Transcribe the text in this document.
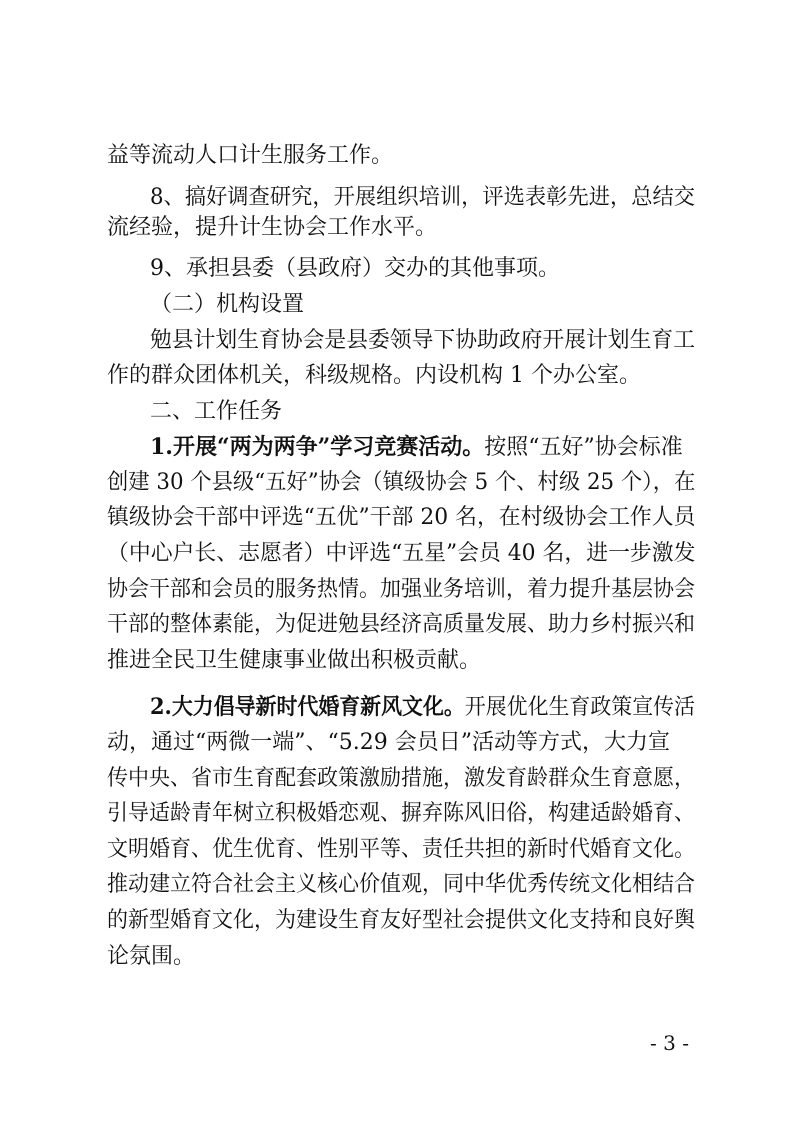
益等流动人口计生服务工作。
8、搞好调查研究，开展组织培训，评选表彰先进，总结交
流经验，提升计生协会工作水平。
9、承担县委（县政府）交办的其他事项。
（二）机构设置
勉县计划生育协会是县委领导下协助政府开展计划生育工
作的群众团体机关，科级规格。内设机构 1 个办公室。
二、工作任务
1.开展“两为两争”学习竞赛活动。按照“五好”协会标准
创建 30 个县级“五好”协会（镇级协会 5 个、村级 25 个），在
镇级协会干部中评选“五优”干部 20 名，在村级协会工作人员
（中心户长、志愿者）中评选“五星”会员 40 名，进一步激发
协会干部和会员的服务热情。加强业务培训，着力提升基层协会
干部的整体素能，为促进勉县经济高质量发展、助力乡村振兴和
推进全民卫生健康事业做出积极贡献。
2.大力倡导新时代婚育新风文化。开展优化生育政策宣传活
动，通过“两微一端”、“5.29 会员日”活动等方式，大力宣
传中央、省市生育配套政策激励措施，激发育龄群众生育意愿，
引导适龄青年树立积极婚恋观、摒弃陈风旧俗，构建适龄婚育、
文明婚育、优生优育、性别平等、责任共担的新时代婚育文化。
推动建立符合社会主义核心价值观，同中华优秀传统文化相结合
的新型婚育文化，为建设生育友好型社会提供文化支持和良好舆
论氛围。
- 3 -
